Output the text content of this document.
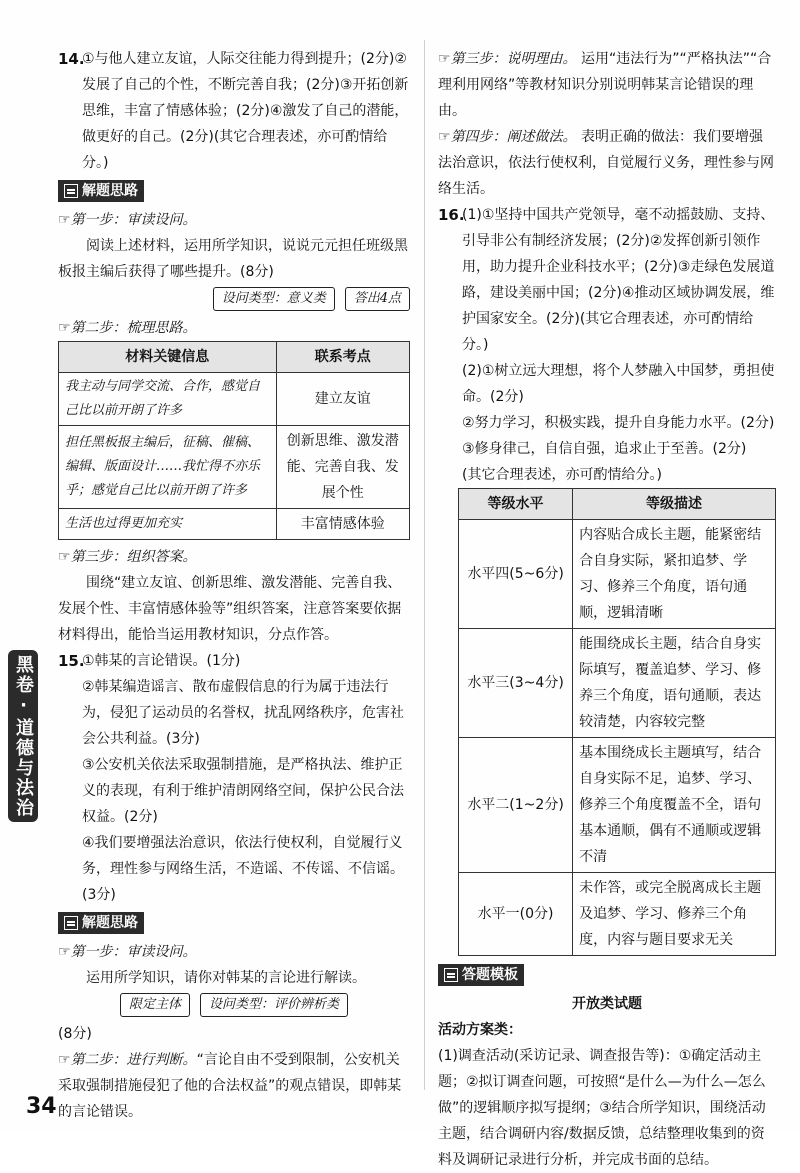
14.

①与他人建立友谊，人际交往能力得到提升；(2分)②发展了自己的个性，不断完善自我；(2分)③开拓创新思维，丰富了情感体验；(2分)④激发了自己的潜能，做更好的自己。(2分)(其它合理表述，亦可酌情给分。)

解题思路

☞第一步：审读设问。

阅读上述材料，运用所学知识，说说元元担任班级黑板报主编后获得了哪些提升。(8分)

设问类型：意义类	答出4点

☞第二步：梳理思路。

材料关键信息	联系考点
我主动与同学交流、合作，感觉自己比以前开朗了许多	建立友谊
担任黑板报主编后，征稿、催稿、编辑、版面设计……我忙得不亦乐乎；感觉自己比以前开朗了许多	创新思维、激发潜能、完善自我、发展个性
生活也过得更加充实	丰富情感体验

☞第三步：组织答案。

围绕“建立友谊、创新思维、激发潜能、完善自我、发展个性、丰富情感体验等”组织答案，注意答案要依据材料得出，能恰当运用教材知识，分点作答。

15.

①韩某的言论错误。(1分)

②韩某编造谣言、散布虚假信息的行为属于违法行为，侵犯了运动员的名誉权，扰乱网络秩序，危害社会公共利益。(3分)

③公安机关依法采取强制措施，是严格执法、维护正义的表现，有利于维护清朗网络空间，保护公民合法权益。(2分)

④我们要增强法治意识，依法行使权利，自觉履行义务，理性参与网络生活，不造谣、不传谣、不信谣。(3分)

解题思路

☞第一步：审读设问。

运用所学知识，请你对韩某的言论进行解读。

限定主体	设问类型：评价辨析类

(8分)

☞第二步：进行判断。“言论自由不受到限制，公安机关采取强制措施侵犯了他的合法权益”的观点错误，即韩某的言论错误。

☞第三步：说明理由。 运用“违法行为”“严格执法”“合理利用网络”等教材知识分别说明韩某言论错误的理由。

☞第四步：阐述做法。 表明正确的做法：我们要增强法治意识，依法行使权利，自觉履行义务，理性参与网络生活。

16.

(1)①坚持中国共产党领导，毫不动摇鼓励、支持、引导非公有制经济发展；(2分)②发挥创新引领作用，助力提升企业科技水平；(2分)③走绿色发展道路，建设美丽中国；(2分)④推动区域协调发展，维护国家安全。(2分)(其它合理表述，亦可酌情给分。)

(2)①树立远大理想，将个人梦融入中国梦，勇担使命。(2分)

②努力学习，积极实践，提升自身能力水平。(2分)

③修身律己，自信自强，追求止于至善。(2分)

(其它合理表述，亦可酌情给分。)

等级水平	等级描述
水平四(5~6分)	内容贴合成长主题，能紧密结合自身实际，紧扣追梦、学习、修养三个角度，语句通顺，逻辑清晰
水平三(3~4分)	能围绕成长主题，结合自身实际填写，覆盖追梦、学习、修养三个角度，语句通顺，表达较清楚，内容较完整
水平二(1~2分)	基本围绕成长主题填写，结合自身实际不足，追梦、学习、修养三个角度覆盖不全，语句基本通顺，偶有不通顺或逻辑不清
水平一(0分)	未作答，或完全脱离成长主题及追梦、学习、修养三个角度，内容与题目要求无关
答题模板

开放类试题

活动方案类：

(1)调查活动(采访记录、调查报告等)：①确定活动主题；②拟订调查问题，可按照“是什么—为什么—怎么做”的逻辑顺序拟写提纲；③结合所学知识，围绕活动主题，结合调研内容/数据反馈，总结整理收集到的资料及调研记录进行分析，并完成书面的总结。

黑卷·道德与法治
34
